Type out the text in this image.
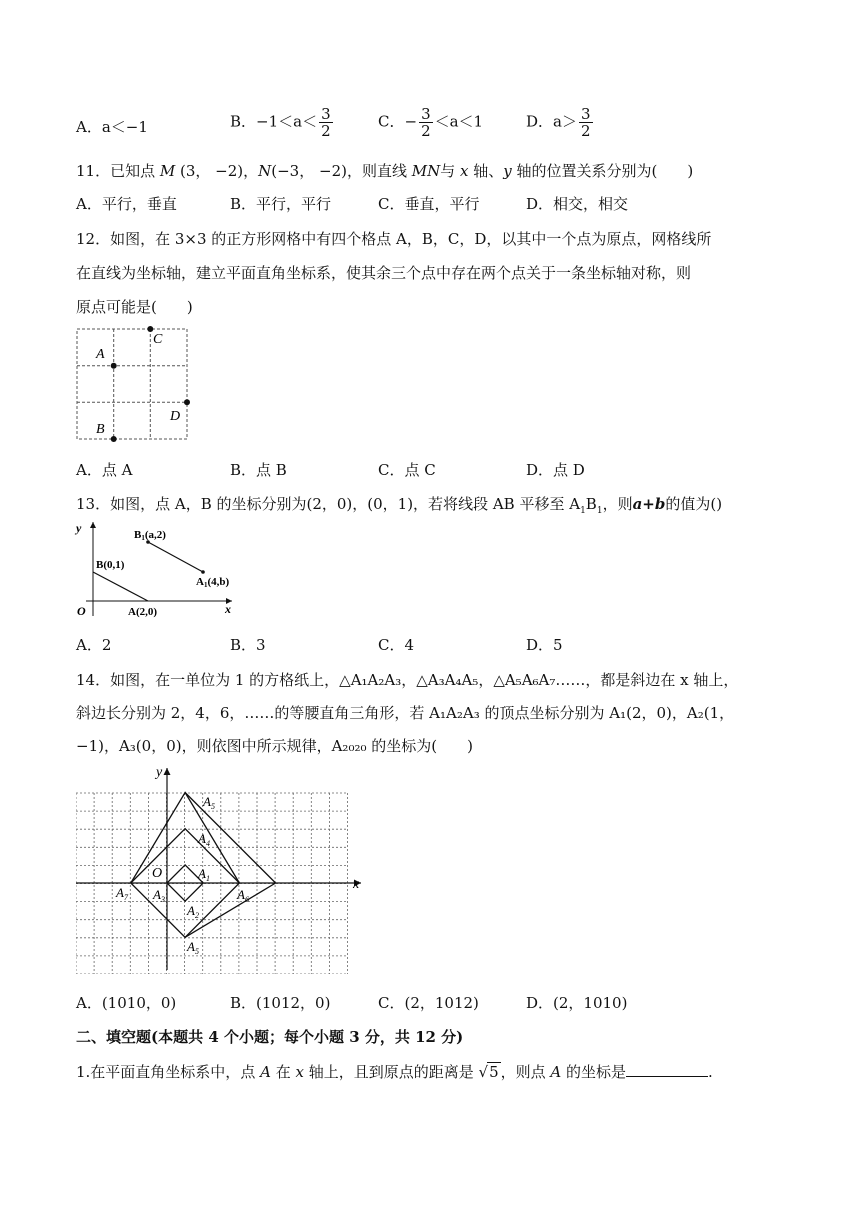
A．a＜−1	B．$-1<a< \frac{3}{2}$	C．− $\frac{3}{2} <a<1$	D．$a> \frac{3}{2}$
11．已知点 M (3， −2)，N(−3， −2)，则直线 MN与 x 轴、y 轴的位置关系分别为(　　)
A．平行，垂直	B．平行，平行	C．垂直，平行	D．相交，相交
12．如图，在 3×3 的正方形网格中有四个格点 A，B，C，D，以其中一个点为原点，网格线所
在直线为坐标轴，建立平面直角坐标系，使其余三个点中存在两个点关于一条坐标轴对称，则
原点可能是(　　)
A
C
D
B
A．点 A	B．点 B	C．点 C	D．点 D
13．如图，点 A，B 的坐标分别为(2，0)，(0，1)，若将线段 AB 平移至 $A_1B_1$，则a+b的值为()
y
x
O
B(0,1)
A(2,0)
B1(a,2)
A1(4,b)
A．2	B．3	C．4	D．5
14．如图，在一单位为 1 的方格纸上，△A₁A₂A₃，△A₃A₄A₅，△A₅A₆A₇……，都是斜边在 x 轴上，
斜边长分别为 2，4，6，……的等腰直角三角形，若 A₁A₂A₃ 的顶点坐标分别为 A₁(2，0)，A₂(1，
−1)，A₃(0，0)，则依图中所示规律，A₂₀₂₀ 的坐标为(　　)
y
x
O
$A_5$
$A_4$
$A_1$
$A_7$ $A_3$	$A_6$
$A_2$
$A_5$
A．(1010，0)	B．(1012，0)	C．(2，1012)	D．(2，1010)
二、填空题(本题共 4 个小题；每个小题 3 分，共 12 分)
1.在平面直角坐标系中，点 A 在 x 轴上，且到原点的距离是 √5 ，则点 A 的坐标是	.
